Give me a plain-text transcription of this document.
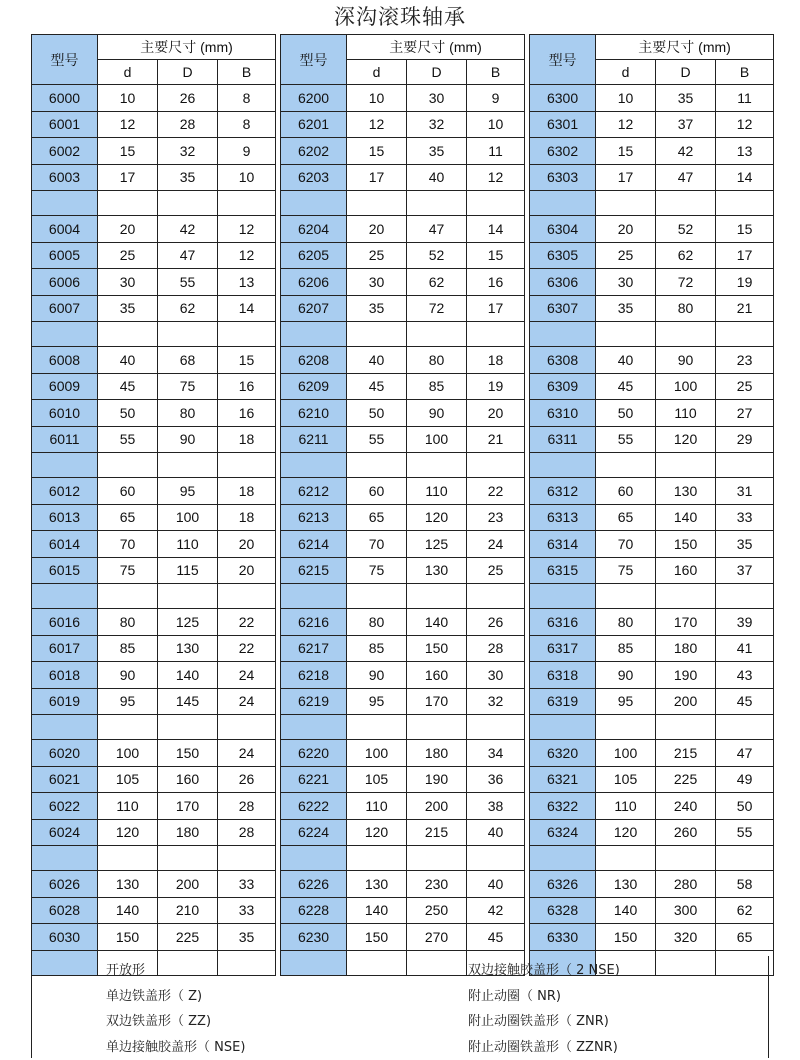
深沟滚珠轴承
型号	主要尺寸 (mm)		
	d	D	B
6000	10	26	8
6001	12	28	8
6002	15	32	9
6003	17	35	10

6004	20	42	12
6005	25	47	12
6006	30	55	13
6007	35	62	14

6008	40	68	15
6009	45	75	16
6010	50	80	16
6011	55	90	18

6012	60	95	18
6013	65	100	18
6014	70	110	20
6015	75	115	20

6016	80	125	22
6017	85	130	22
6018	90	140	24
6019	95	145	24

6020	100	150	24
6021	105	160	26
6022	110	170	28
6024	120	180	28

6026	130	200	33
6028	140	210	33
6030	150	225	35

型号	主要尺寸 (mm)		
	d	D	B
6200	10	30	9
6201	12	32	10
6202	15	35	11
6203	17	40	12

6204	20	47	14
6205	25	52	15
6206	30	62	16
6207	35	72	17

6208	40	80	18
6209	45	85	19
6210	50	90	20
6211	55	100	21

6212	60	110	22
6213	65	120	23
6214	70	125	24
6215	75	130	25

6216	80	140	26
6217	85	150	28
6218	90	160	30
6219	95	170	32

6220	100	180	34
6221	105	190	36
6222	110	200	38
6224	120	215	40

6226	130	230	40
6228	140	250	42
6230	150	270	45

型号	主要尺寸 (mm)		
	d	D	B
6300	10	35	11
6301	12	37	12
6302	15	42	13
6303	17	47	14

6304	20	52	15
6305	25	62	17
6306	30	72	19
6307	35	80	21

6308	40	90	23
6309	45	100	25
6310	50	110	27
6311	55	120	29

6312	60	130	31
6313	65	140	33
6314	70	150	35
6315	75	160	37

6316	80	170	39
6317	85	180	41
6318	90	190	43
6319	95	200	45

6320	100	215	47
6321	105	225	49
6322	110	240	50
6324	120	260	55

6326	130	280	58
6328	140	300	62
6330	150	320	65

开放形
单边铁盖形（ Z)
双边铁盖形（ ZZ)
单边接触胶盖形（ NSE)
双边接触胶盖形（ 2 NSE)
附止动圈（ NR)
附止动圈铁盖形（ ZNR)
附止动圈铁盖形（ ZZNR)
